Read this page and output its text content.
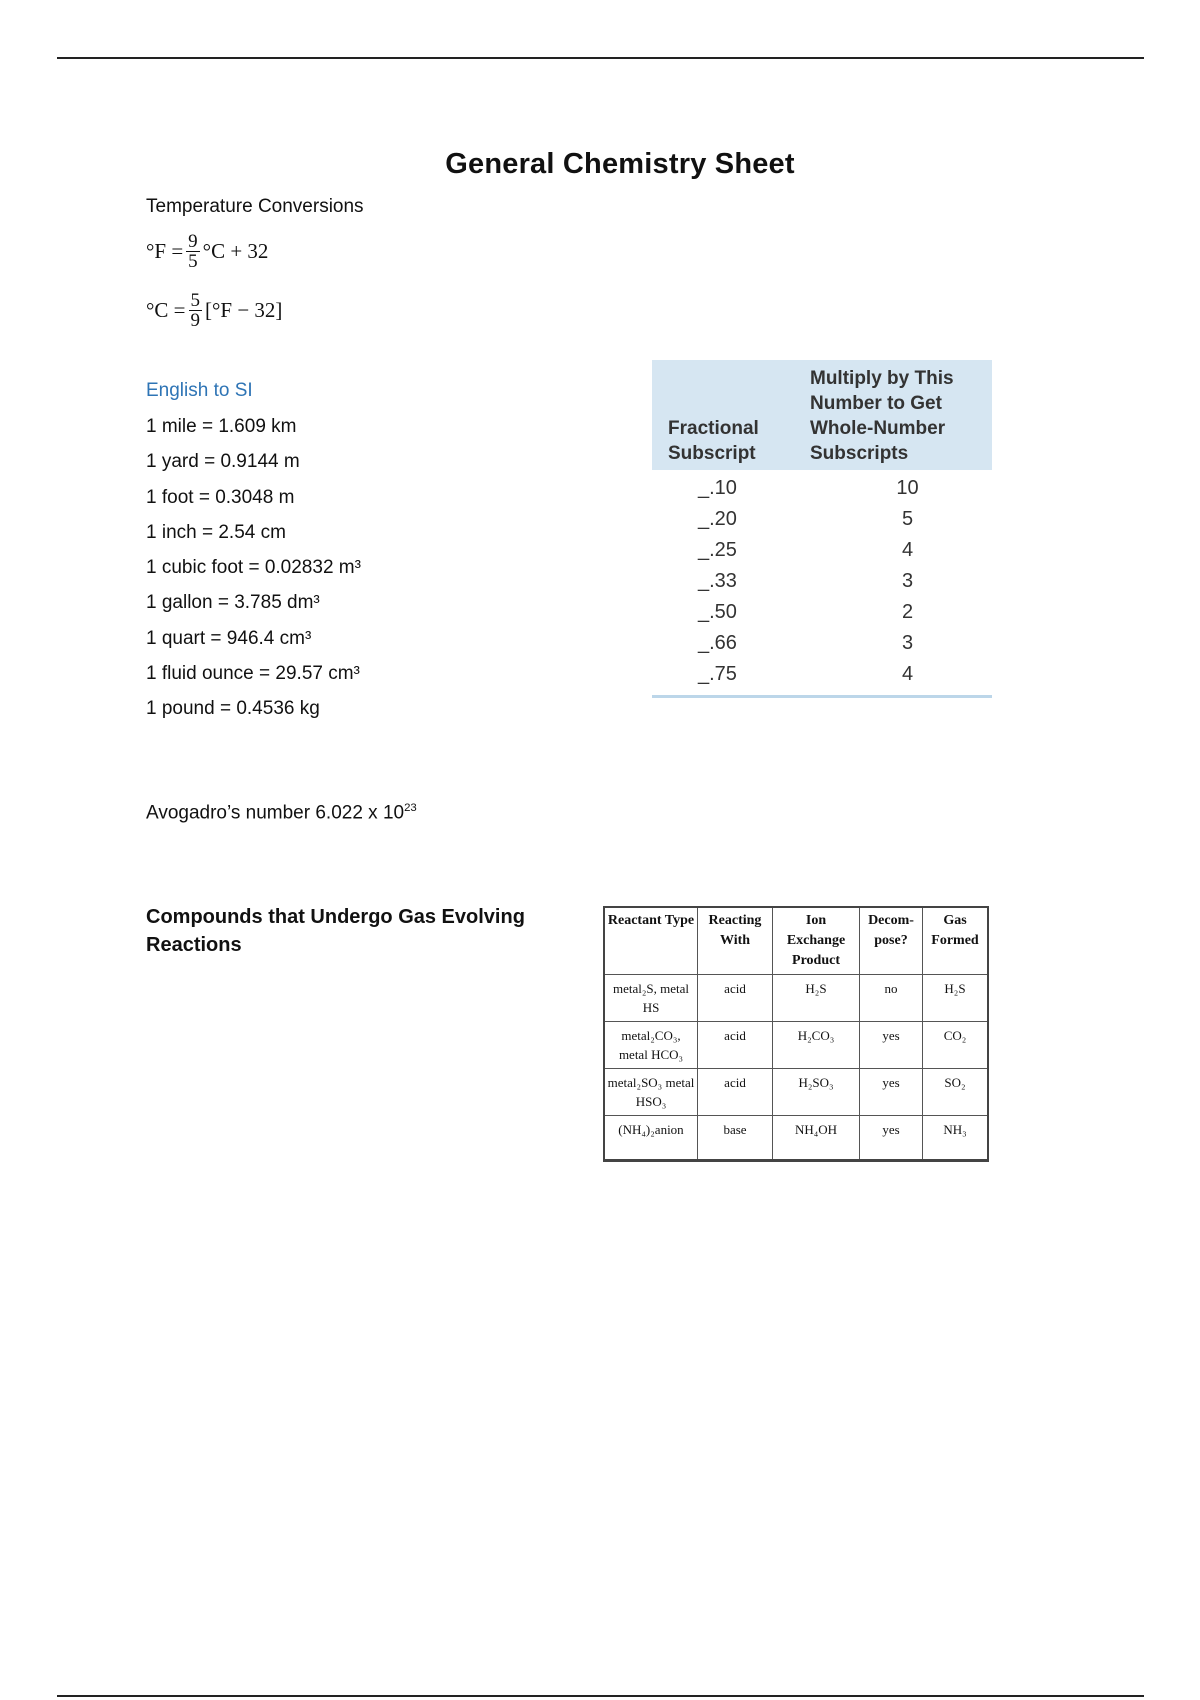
General Chemistry Sheet
Temperature Conversions
$^\circ F = \frac{9}{5} ^\circ C + 32$
$^\circ C = \frac{5}{9} [^\circ F - 32]$
English to SI
1 mile = 1.609 km
1 yard = 0.9144 m
1 foot = 0.3048 m
1 inch = 2.54 cm
1 cubic foot = 0.02832 m³
1 gallon = 3.785 dm³
1 quart = 946.4 cm³
1 fluid ounce = 29.57 cm³
1 pound = 0.4536 kg
Fractional Subscript	Multiply by This Number to Get Whole-Number Subscripts
_.10	10
_.20	5
_.25	4
_.33	3
_.50	2
_.66	3
_.75	4
Avogadro’s number 6.022 x $10^{23}$
Compounds that Undergo Gas Evolving Reactions
Reactant Type	Reacting With	Ion Exchange Product	Decom- pose?	Gas Formed
metal₂S, metal HS	acid	H₂S	no	H₂S
metal₂CO₃, metal HCO₃	acid	H₂CO₃	yes	CO₂
metal₂SO₃ metal HSO₃	acid	H₂SO₃	yes	SO₂
(NH₄)₂anion	base	NH₄OH	yes	NH₃
